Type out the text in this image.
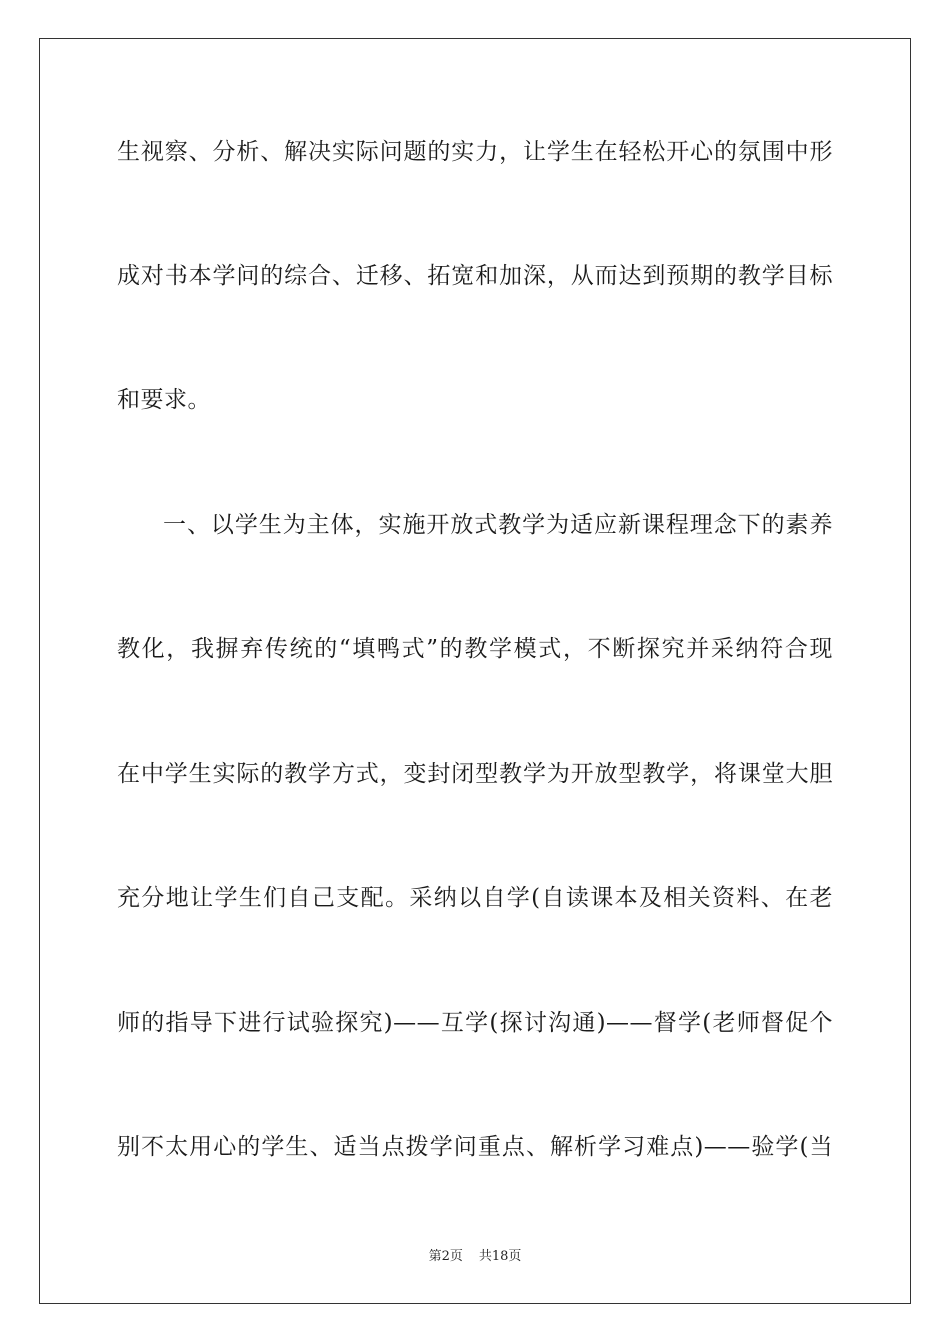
生视察、分析、解决实际问题的实力，让学生在轻松开心的氛围中形
成对书本学问的综合、迁移、拓宽和加深，从而达到预期的教学目标
和要求。
一、以学生为主体，实施开放式教学为适应新课程理念下的素养
教化，我摒弃传统的“填鸭式”的教学模式，不断探究并采纳符合现
在中学生实际的教学方式，变封闭型教学为开放型教学，将课堂大胆
充分地让学生们自己支配。采纳以自学(自读课本及相关资料、在老
师的指导下进行试验探究)——互学(探讨沟通)——督学(老师督促个
别不太用心的学生、适当点拨学问重点、解析学习难点)——验学(当
第2页 共18页
